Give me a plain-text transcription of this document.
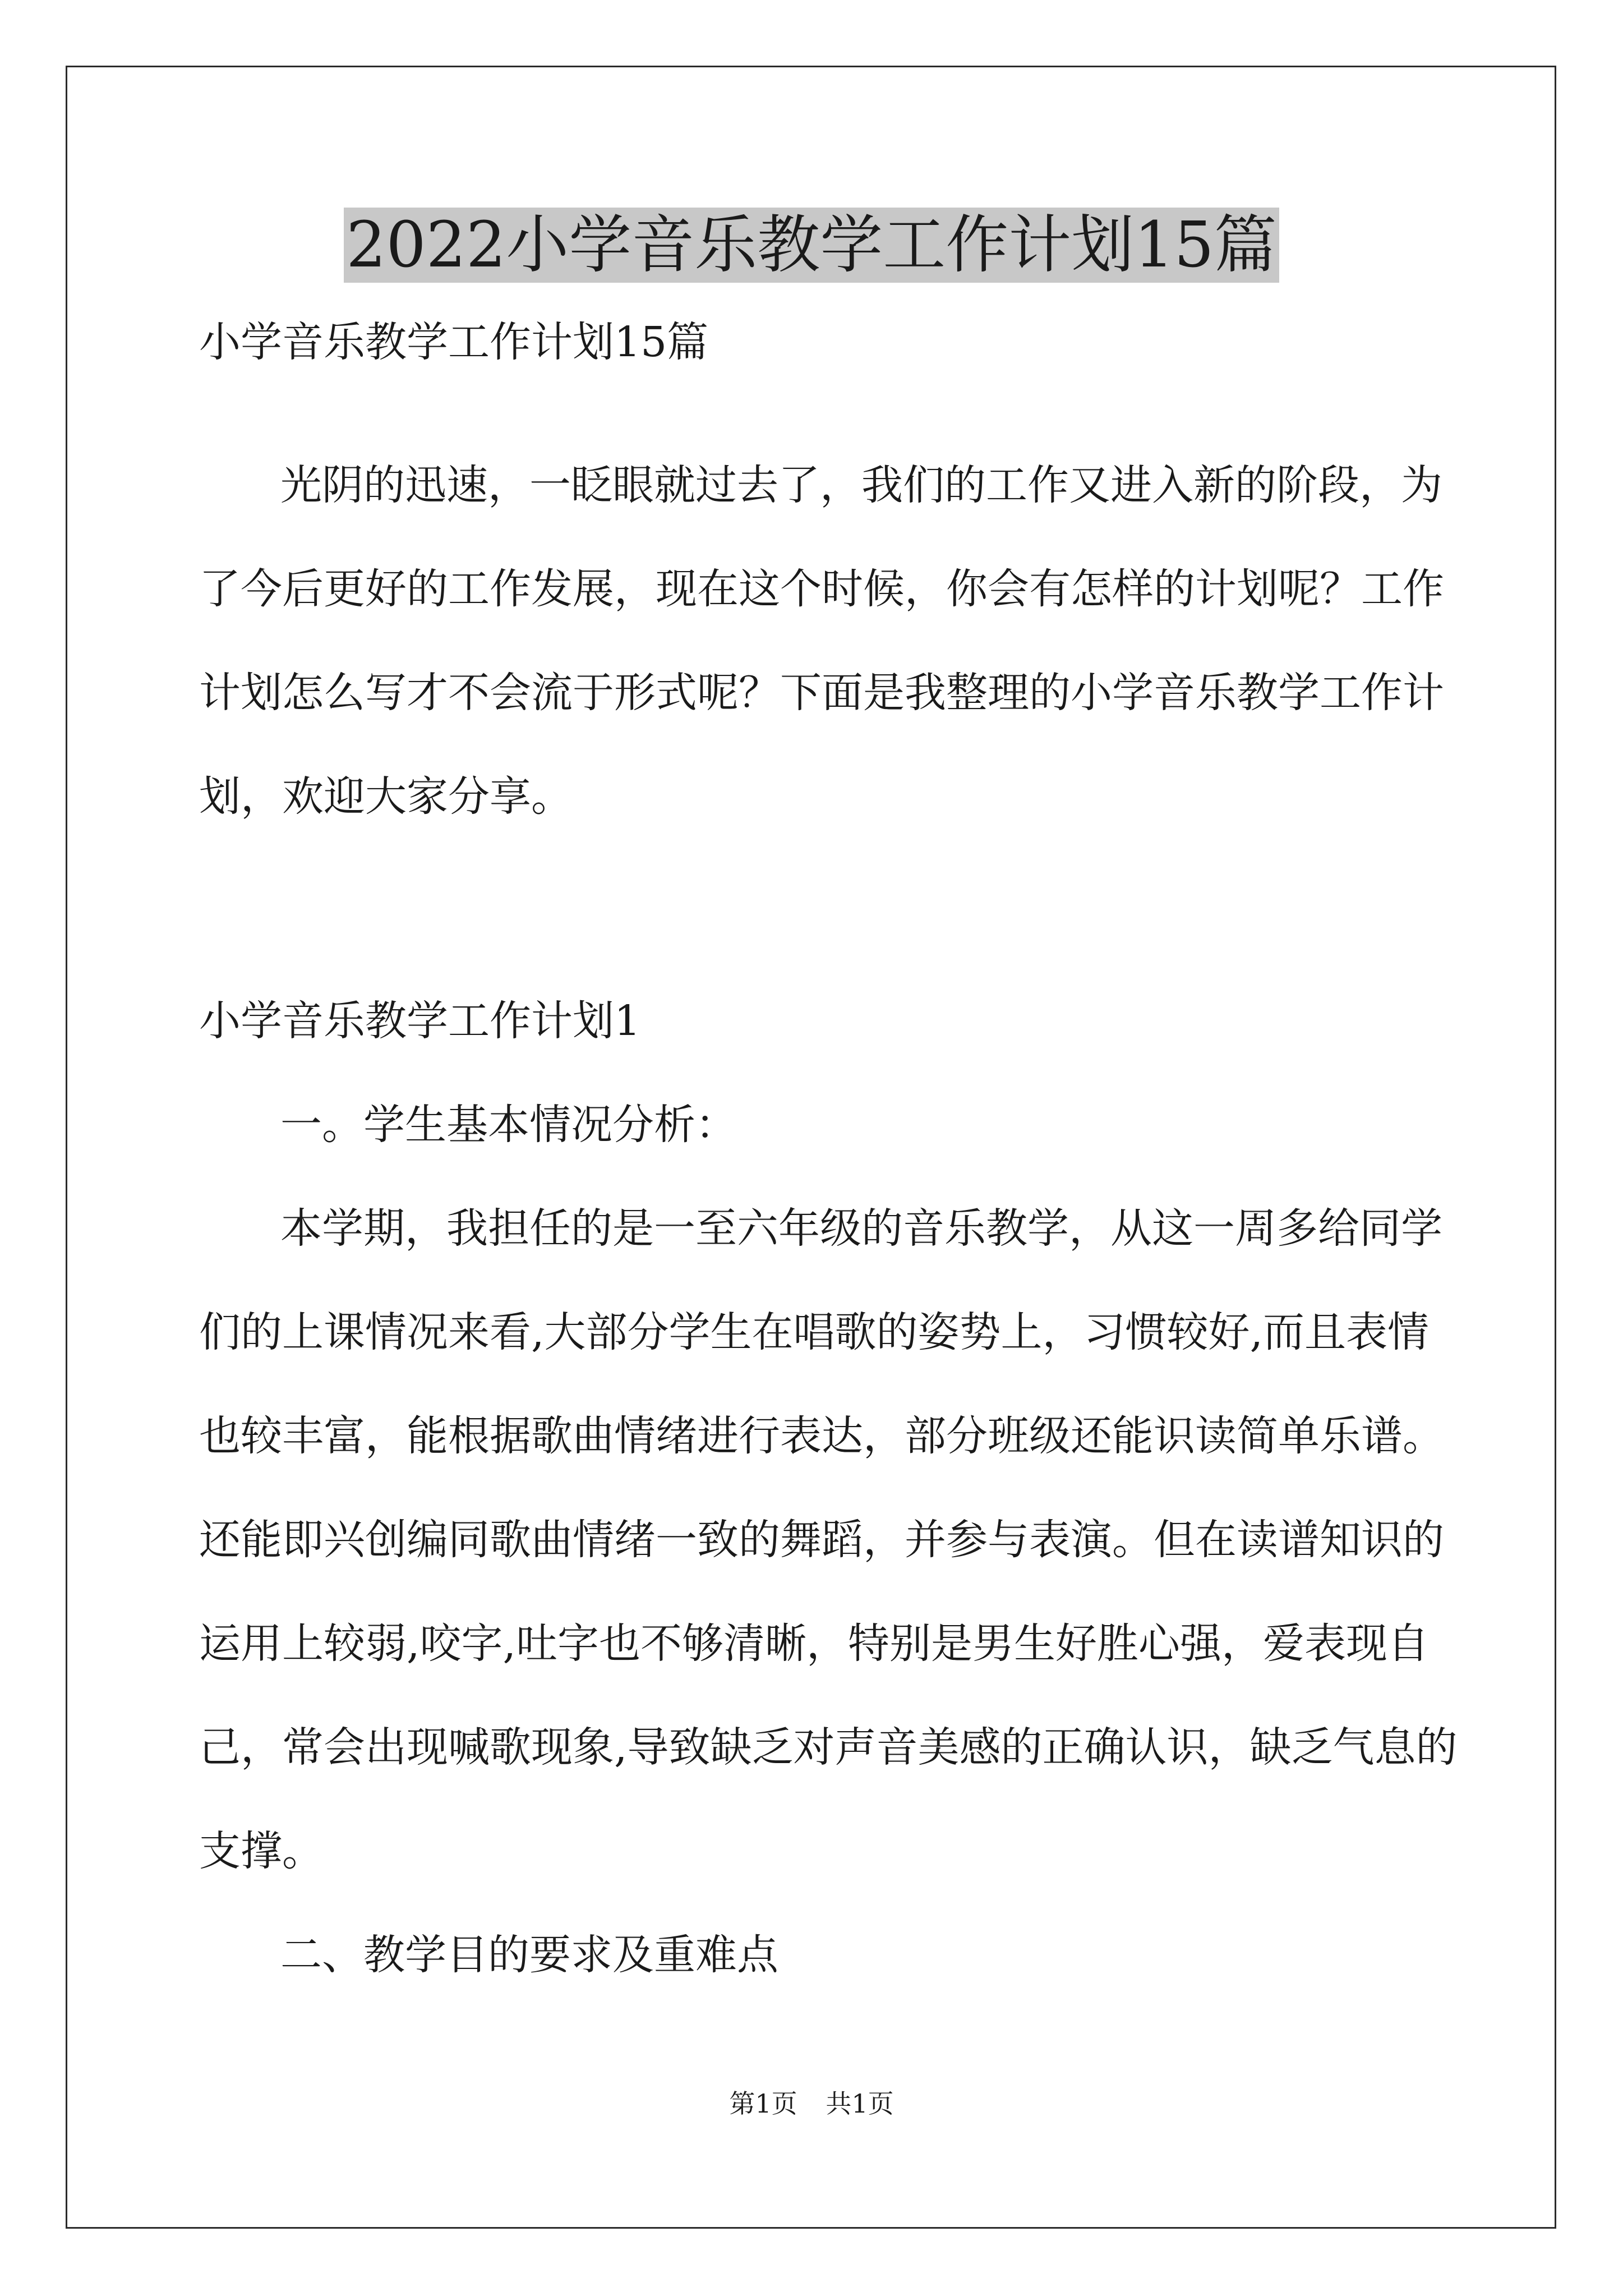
2022小学音乐教学工作计划15篇
小学音乐教学工作计划15篇
光阴的迅速，一眨眼就过去了，我们的工作又进入新的阶段，为
了今后更好的工作发展，现在这个时候，你会有怎样的计划呢？工作
计划怎么写才不会流于形式呢？下面是我整理的小学音乐教学工作计
划，欢迎大家分享。
小学音乐教学工作计划1
一。学生基本情况分析：
本学期，我担任的是一至六年级的音乐教学，从这一周多给同学
们的上课情况来看,大部分学生在唱歌的姿势上，习惯较好,而且表情
也较丰富，能根据歌曲情绪进行表达，部分班级还能识读简单乐谱。
还能即兴创编同歌曲情绪一致的舞蹈，并参与表演。但在读谱知识的
运用上较弱,咬字,吐字也不够清晰，特别是男生好胜心强，爱表现自
己，常会出现喊歌现象,导致缺乏对声音美感的正确认识，缺乏气息的
支撑。
二、教学目的要求及重难点
第1页 共1页
